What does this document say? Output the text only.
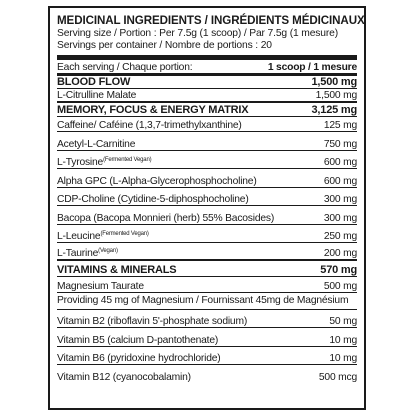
MEDICINAL INGREDIENTS / INGRÉDIENTS MÉDICINAUX
Serving size / Portion : Per 7.5g (1 scoop) / Par 7.5g (1 mesure)
Servings per container / Nombre de portions : 20
Each serving / Chaque portion:	1 scoop / 1 mesure
BLOOD FLOW	1,500 mg
L-Citrulline Malate	1,500 mg
MEMORY, FOCUS & ENERGY MATRIX	3,125 mg
Caffeine/ Caféine (1,3,7-trimethylxanthine)	125 mg
Acetyl-L-Carnitine	750 mg
L-Tyrosine$^{(Fermented Vegan)}$	600 mg
Alpha GPC (L-Alpha-Glycerophosphocholine)	600 mg
CDP-Choline (Cytidine-5-diphosphocholine)	300 mg
Bacopa (Bacopa Monnieri (herb) 55% Bacosides)	300 mg
L-Leucine$^{(Fermented Vegan)}$	250 mg
L-Taurine$^{(Vegan)}$	200 mg
VITAMINS & MINERALS	570 mg
Magnesium Taurate	500 mg
Providing 45 mg of Magnesium / Fournissant 45mg de Magnésium
Vitamin B2 (riboflavin 5'-phosphate sodium)	50 mg
Vitamin B5 (calcium D-pantothenate)	10 mg
Vitamin B6 (pyridoxine hydrochloride)	10 mg
Vitamin B12 (cyanocobalamin)	500 mcg
